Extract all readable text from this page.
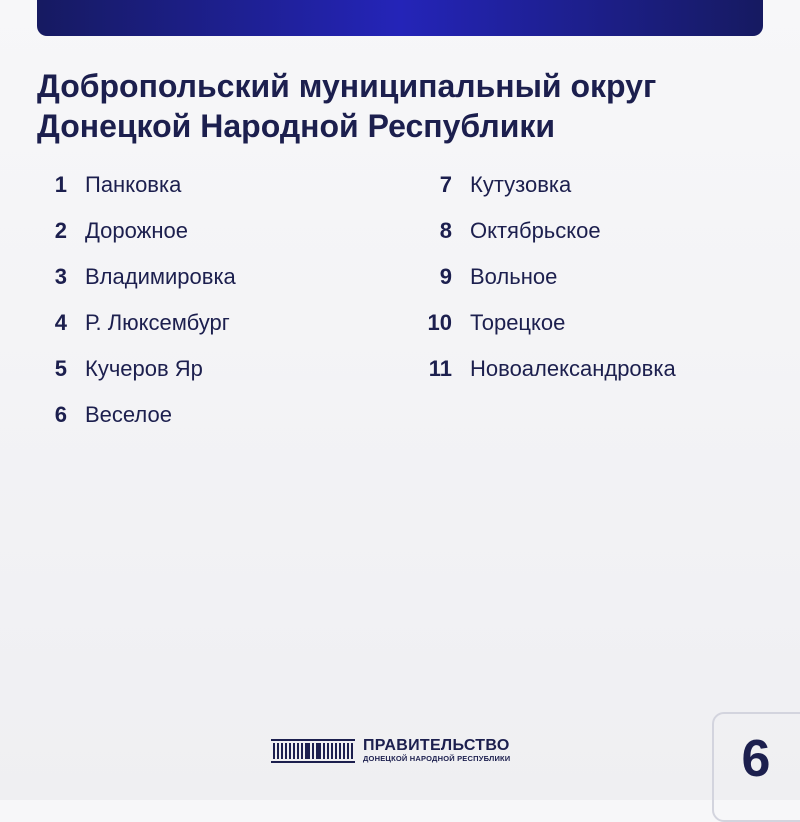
Добропольский муниципальный округ
Донецкой Народной Республики
1 Панковка
2 Дорожное
3 Владимировка
4 Р. Люксембург
5 Кучеров Яр
6 Веселое
7 Кутузовка
8 Октябрьское
9 Вольное
10 Торецкое
11 Новоалександровка
ПРАВИТЕЛЬСТВО
ДОНЕЦКОЙ НАРОДНОЙ РЕСПУБЛИКИ	6
